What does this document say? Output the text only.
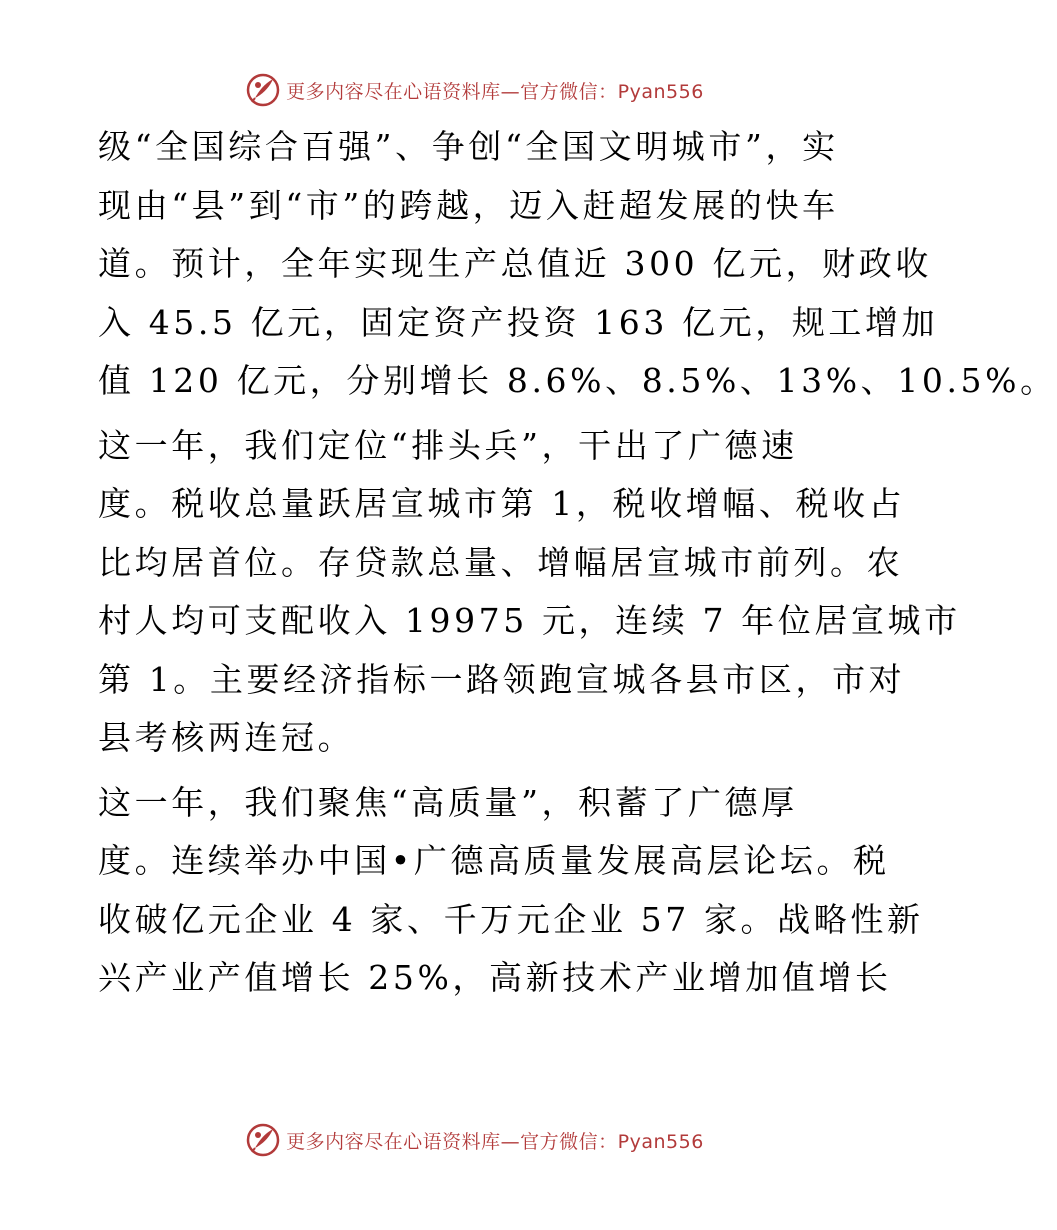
更多内容尽在心语资料库—官方微信：Pyan556
级“全国综合百强”、争创“全国文明城市”，实
现由“县”到“市”的跨越，迈入赶超发展的快车
道。预计，全年实现生产总值近 300 亿元，财政收
入 45.5 亿元，固定资产投资 163 亿元，规工增加
值 120 亿元，分别增长 8.6%、8.5%、13%、10.5%。
这一年，我们定位“排头兵”，干出了广德速
度。税收总量跃居宣城市第 1，税收增幅、税收占
比均居首位。存贷款总量、增幅居宣城市前列。农
村人均可支配收入 19975 元，连续 7 年位居宣城市
第 1。主要经济指标一路领跑宣城各县市区，市对
县考核两连冠。
这一年，我们聚焦“高质量”，积蓄了广德厚
度。连续举办中国•广德高质量发展高层论坛。税
收破亿元企业 4 家、千万元企业 57 家。战略性新
兴产业产值增长 25%，高新技术产业增加值增长
更多内容尽在心语资料库—官方微信：Pyan556
